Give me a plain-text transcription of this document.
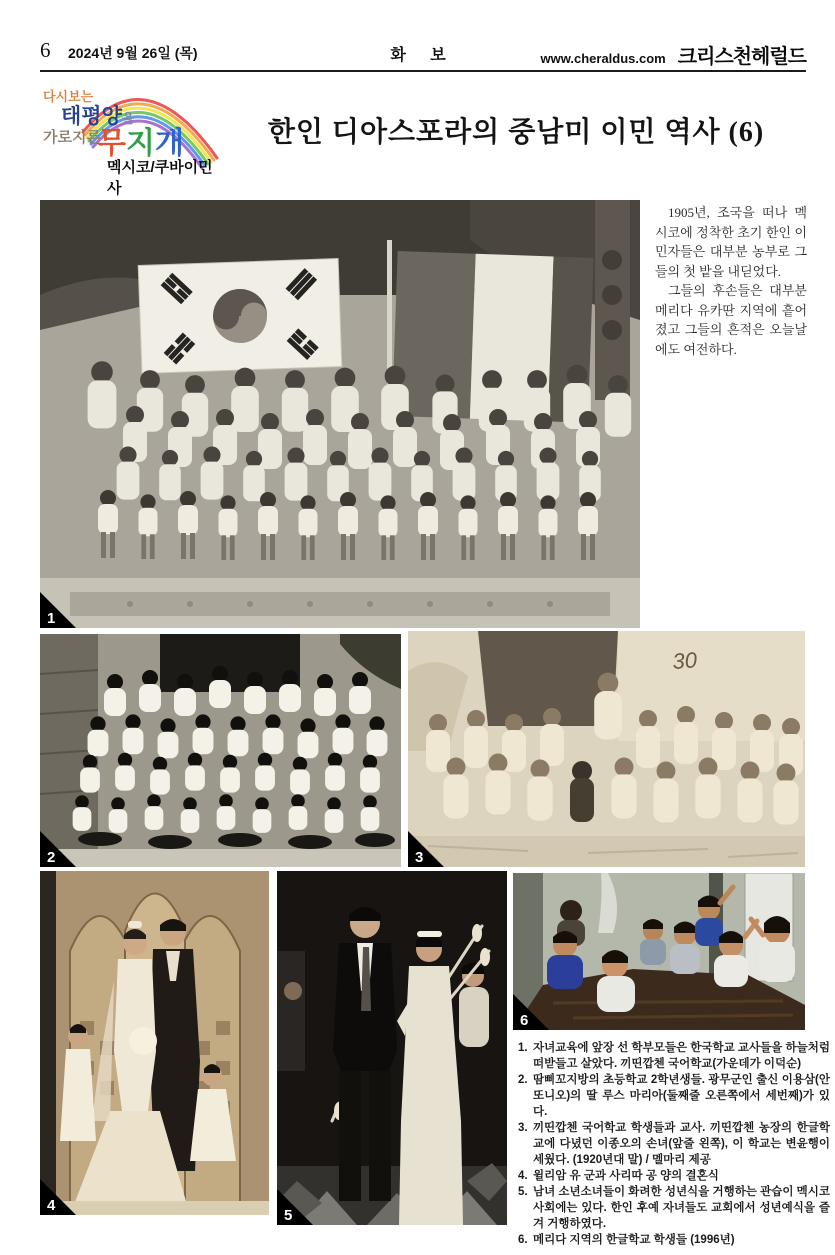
6 2024년 9월 26일 (목)	화 보	www.cheraldus.com 크리스천헤럴드
다시보는
태평양을
가로지른
무지개
멕시코/쿠바이민사
한인 디아스포라의 중남미 이민 역사 (6)
1

1905년, 조국을 떠나 멕시코에 정착한 초기 한인 이민자들은 대부분 농부로 그들의 첫 밭을 내딛었다.

그들의 후손들은 대부분 메리다 유카딴 지역에 흩어졌고 그들의 흔적은 오늘날에도 여전하다.

2
30
3
4
5
6
1. 자녀교육에 앞장 선 학부모들은 한국학교 교사들을 하늘처럼 떠받들고 살았다. 끼띤깝첸 국어학교(가운데가 이덕순)
2. 땀삐꼬지방의 초등학교 2학년생들. 광무군인 출신 이용삼(안또니오)의 딸 루스 마리아(둘째줄 오른쪽에서 세번째)가 있다.
3. 끼띤깝첸 국어학교 학생들과 교사. 끼띤깝첸 농장의 한글학교에 다녔던 이종오의 손녀(앞줄 왼쪽), 이 학교는 변윤행이 세웠다. (1920년대 말) / 멜마리 제공
4. 윌리암 유 군과 사리따 공 양의 결혼식
5. 남녀 소년소녀들이 화려한 성년식을 거행하는 관습이 멕시코 사회에는 있다. 한인 후예 자녀들도 교회에서 성년예식을 즐겨 거행하였다.
6. 메리다 지역의 한글학교 학생들 (1996년)
